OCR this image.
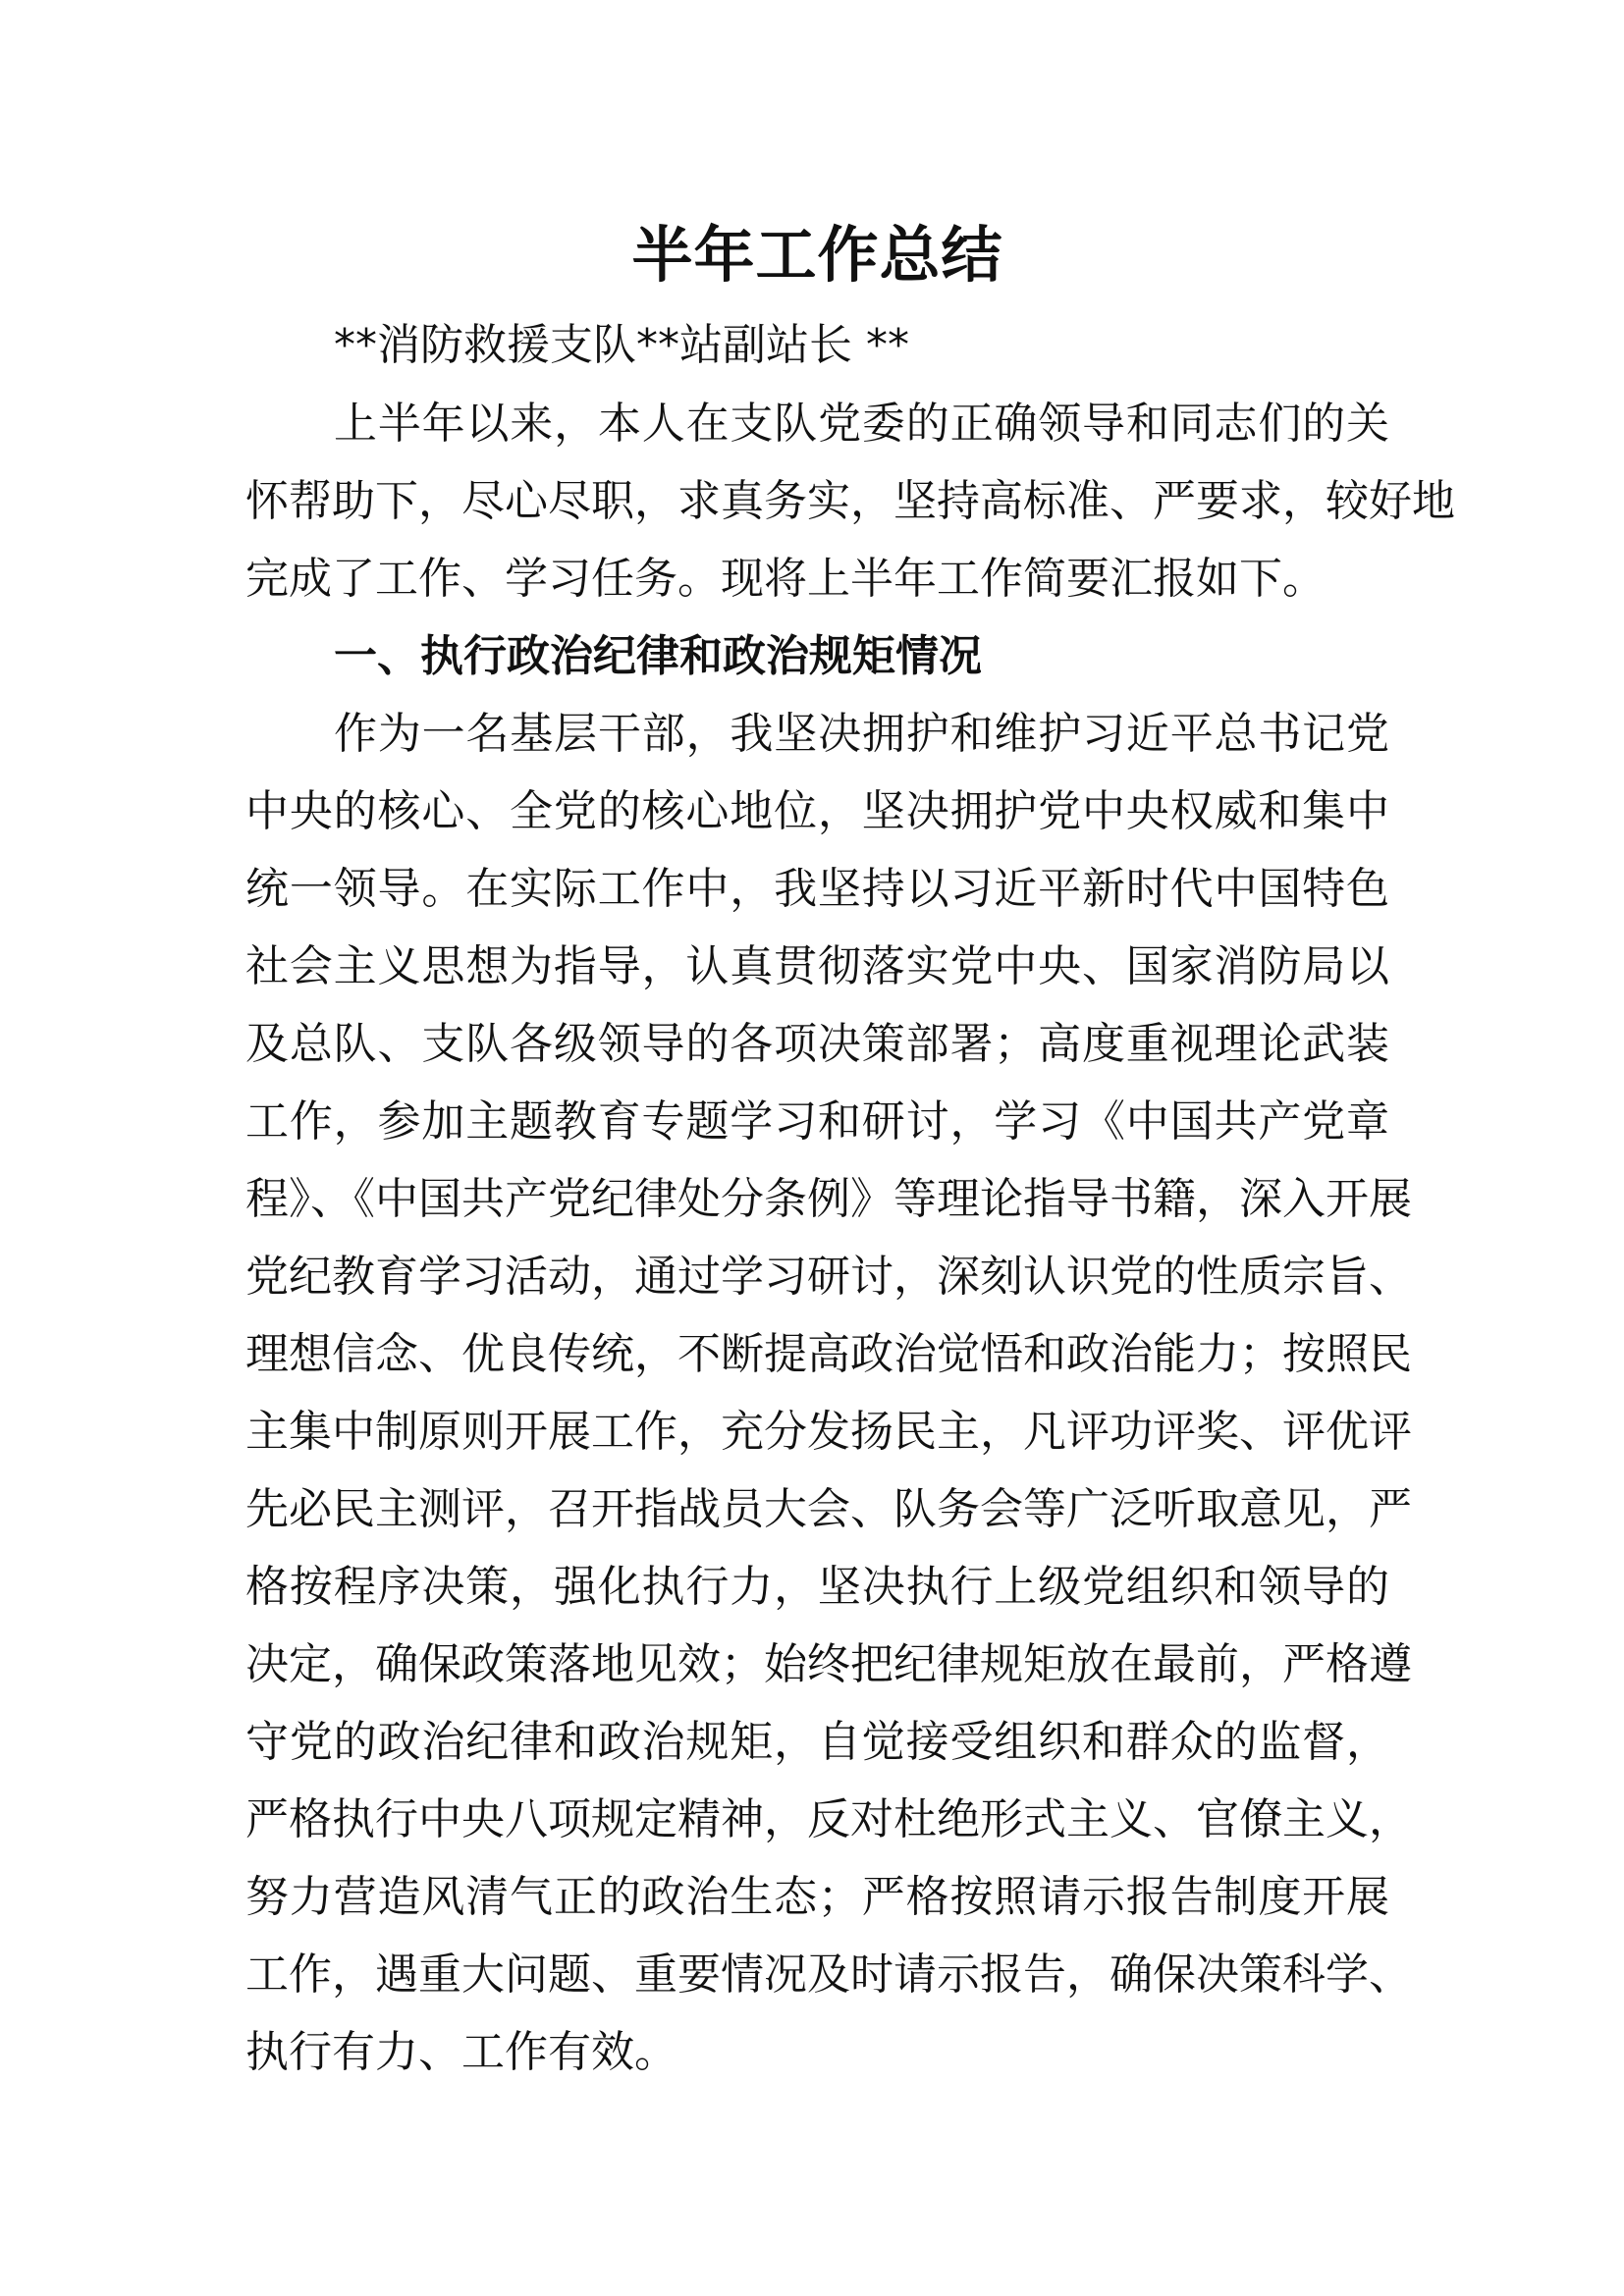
半年工作总结

**消防救援支队**站副站长 **

上半年以来，本人在支队党委的正确领导和同志们的关

怀帮助下，尽心尽职，求真务实，坚持高标准、严要求，较好地

完成了工作、学习任务。现将上半年工作简要汇报如下。

一、执行政治纪律和政治规矩情况

作为一名基层干部，我坚决拥护和维护习近平总书记党

中央的核心、全党的核心地位，坚决拥护党中央权威和集中

统一领导。在实际工作中，我坚持以习近平新时代中国特色

社会主义思想为指导，认真贯彻落实党中央、国家消防局以

及总队、支队各级领导的各项决策部署；高度重视理论武装

工作，参加主题教育专题学习和研讨，学习《中国共产党章

程》、《中国共产党纪律处分条例》等理论指导书籍，深入开展

党纪教育学习活动，通过学习研讨，深刻认识党的性质宗旨、

理想信念、优良传统，不断提高政治觉悟和政治能力；按照民

主集中制原则开展工作，充分发扬民主，凡评功评奖、评优评

先必民主测评，召开指战员大会、队务会等广泛听取意见，严

格按程序决策，强化执行力，坚决执行上级党组织和领导的

决定，确保政策落地见效；始终把纪律规矩放在最前，严格遵

守党的政治纪律和政治规矩，自觉接受组织和群众的监督，

严格执行中央八项规定精神，反对杜绝形式主义、官僚主义，

努力营造风清气正的政治生态；严格按照请示报告制度开展

工作，遇重大问题、重要情况及时请示报告，确保决策科学、

执行有力、工作有效。
